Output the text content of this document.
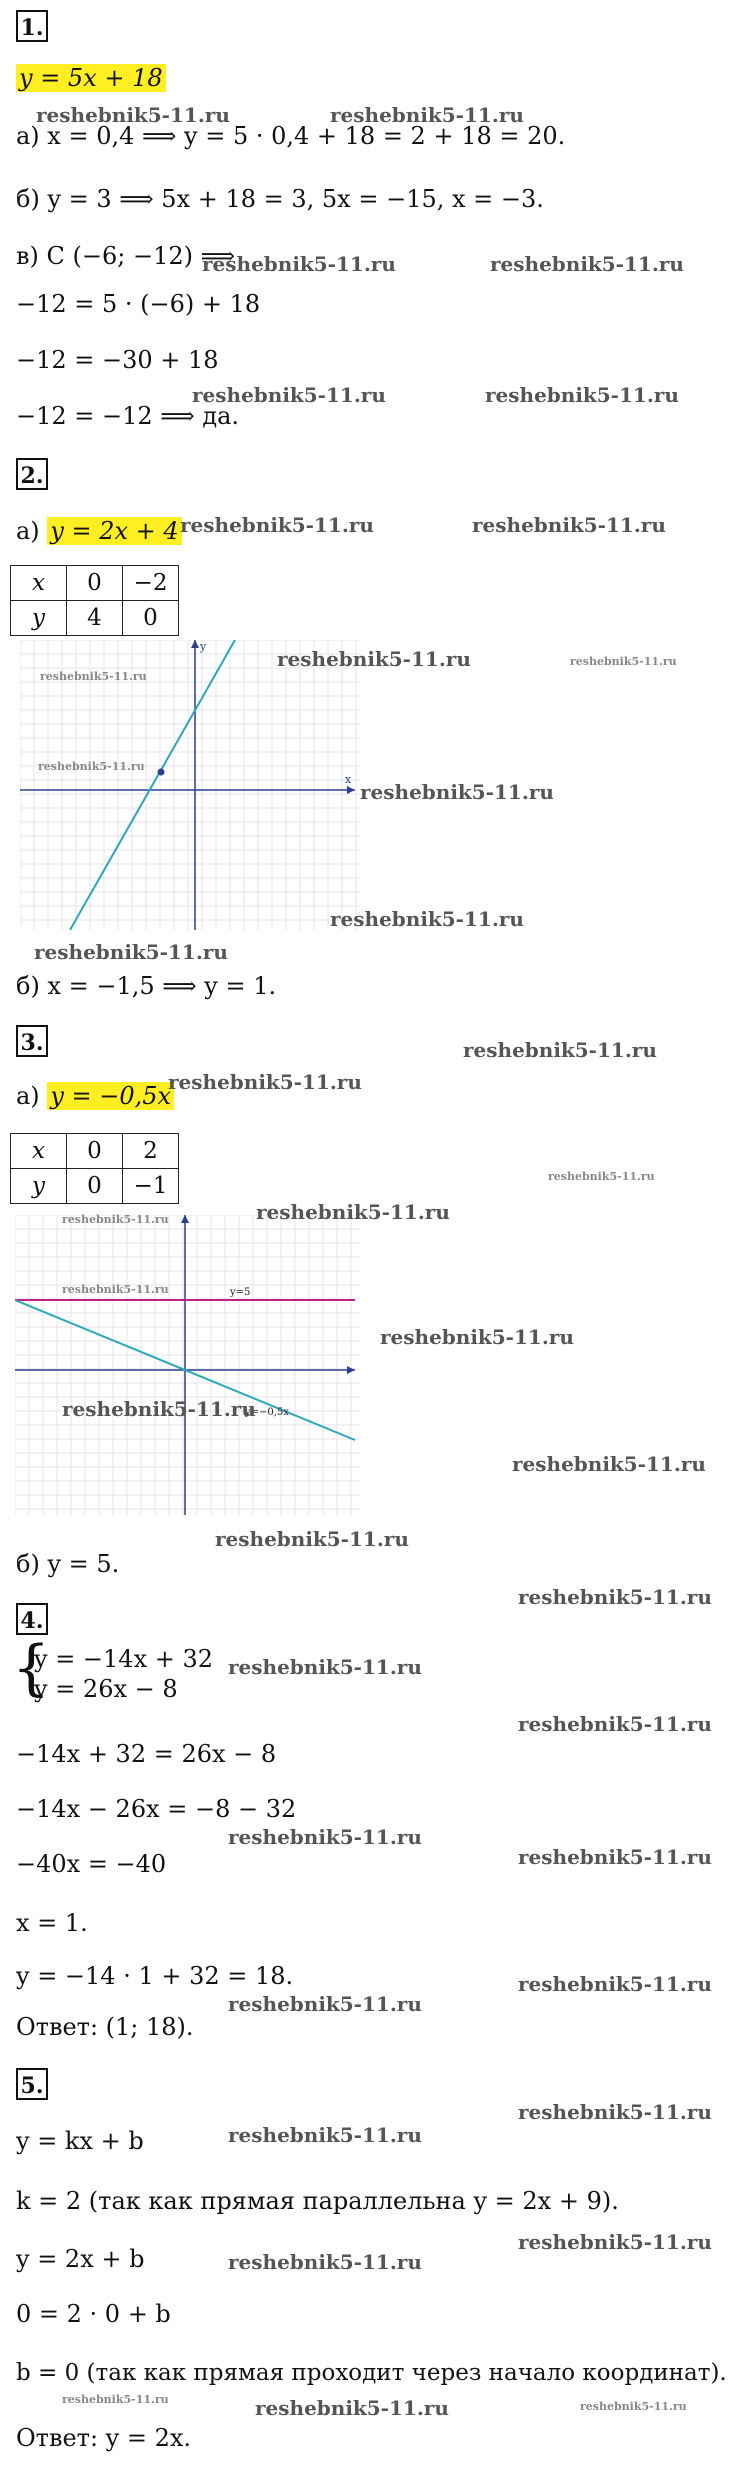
1.
y = 5x + 18
а) x = 0,4 ⟹ y = 5 · 0,4 + 18 = 2 + 18 = 20.
б) y = 3 ⟹ 5x + 18 = 3, 5x = −15, x = −3.
в) C (−6; −12) ⟹
−12 = 5 · (−6) + 18
−12 = −30 + 18
−12 = −12 ⟹ да.
2.
а) y = 2x + 4
x	0	−2
y	4	0
x
y
б) x = −1,5 ⟹ y = 1.
3.
а) y = −0,5x
x	0	2
y	0	−1
y=5
y=−0,5x
б) y = 5.
4.
{
y = −14x + 32
y = 26x − 8
−14x + 32 = 26x − 8
−14x − 26x = −8 − 32
−40x = −40
x = 1.
y = −14 · 1 + 32 = 18.
Ответ: (1; 18).
5.
y = kx + b
k = 2 (так как прямая параллельна y = 2x + 9).
y = 2x + b
0 = 2 · 0 + b
b = 0 (так как прямая проходит через начало координат).
Ответ: y = 2x.
reshebnik5-11.ru	reshebnik5-11.ru
reshebnik5-11.ru	reshebnik5-11.ru
reshebnik5-11.ru	reshebnik5-11.ru
reshebnik5-11.ru	reshebnik5-11.ru
reshebnik5-11.ru	reshebnik5-11.ru
reshebnik5-11.ru
reshebnik5-11.ru
reshebnik5-11.ru
reshebnik5-11.ru
reshebnik5-11.ru
reshebnik5-11.ru
reshebnik5-11.ru
reshebnik5-11.ru
reshebnik5-11.ru
reshebnik5-11.ru
reshebnik5-11.ru
reshebnik5-11.ru
reshebnik5-11.ru
reshebnik5-11.ru
reshebnik5-11.ru
reshebnik5-11.ru
reshebnik5-11.ru
reshebnik5-11.ru
reshebnik5-11.ru
reshebnik5-11.ru
reshebnik5-11.ru
reshebnik5-11.ru
reshebnik5-11.ru
reshebnik5-11.ru
reshebnik5-11.ru
reshebnik5-11.ru
reshebnik5-11.ru	reshebnik5-11.ru	reshebnik5-11.ru
